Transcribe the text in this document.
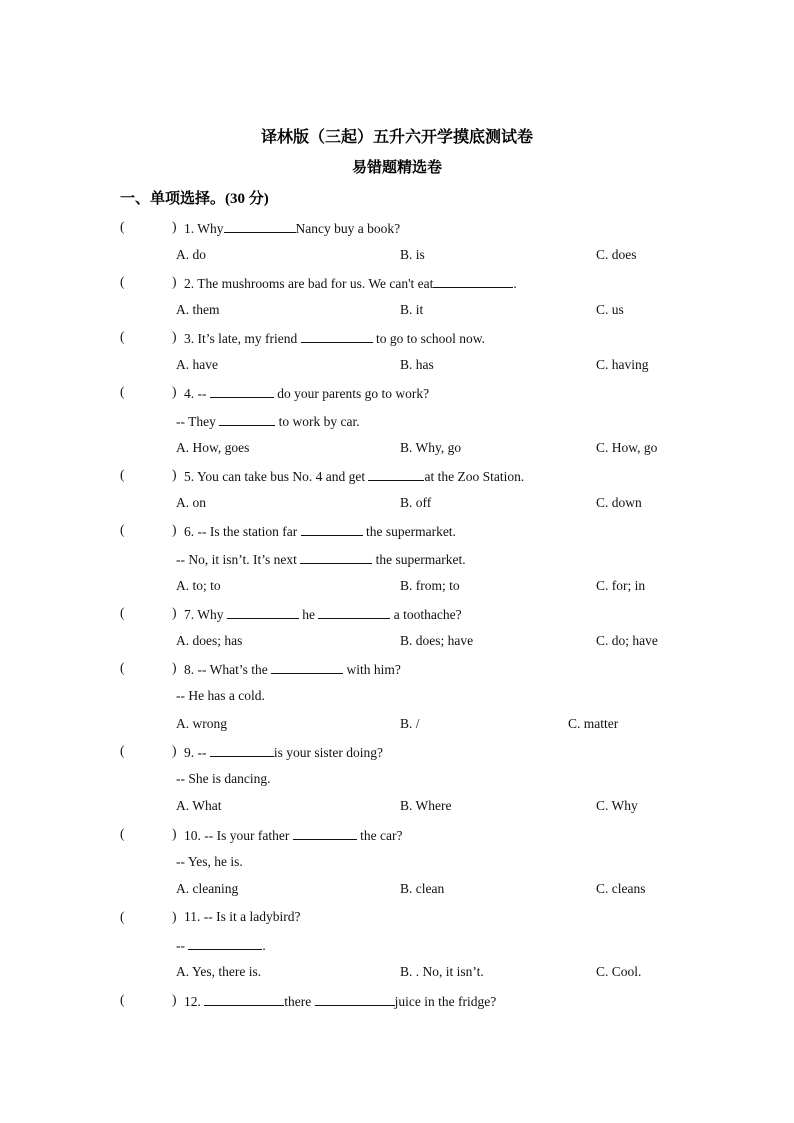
译林版（三起）五升六开学摸底测试卷
易错题精选卷
一、单项选择。(30 分)
(	) 1. Why	Nancy buy a book?
A. do	B. is	C. does
(	) 2. The mushrooms are bad for us. We can't eat	.
A. them	B. it	C. us
(	) 3. It’s late, my friend	to go to school now.
A. have	B. has	C. having
(	) 4. --	do your parents go to work?
-- They	to work by car.
A. How, goes	B. Why, go	C. How, go
(	) 5. You can take bus No. 4 and get	at the Zoo Station.
A. on	B. off	C. down
(	) 6. -- Is the station far	the supermarket.
-- No, it isn’t. It’s next	the supermarket.
A. to; to	B. from; to	C. for; in
(	) 7. Why	he	a toothache?
A. does; has	B. does; have	C. do; have
(	) 8. -- What’s the	with him?
-- He has a cold.
A. wrong	B. /	C. matter
(	) 9. --	is your sister doing?
-- She is dancing.
A. What	B. Where	C. Why
(	) 10. -- Is your father	the car?
-- Yes, he is.
A. cleaning	B. clean	C. cleans
(	) 11. -- Is it a ladybird?
--	.
A. Yes, there is.	B. . No, it isn’t.	C. Cool.
(	) 12.	there	juice in the fridge?
